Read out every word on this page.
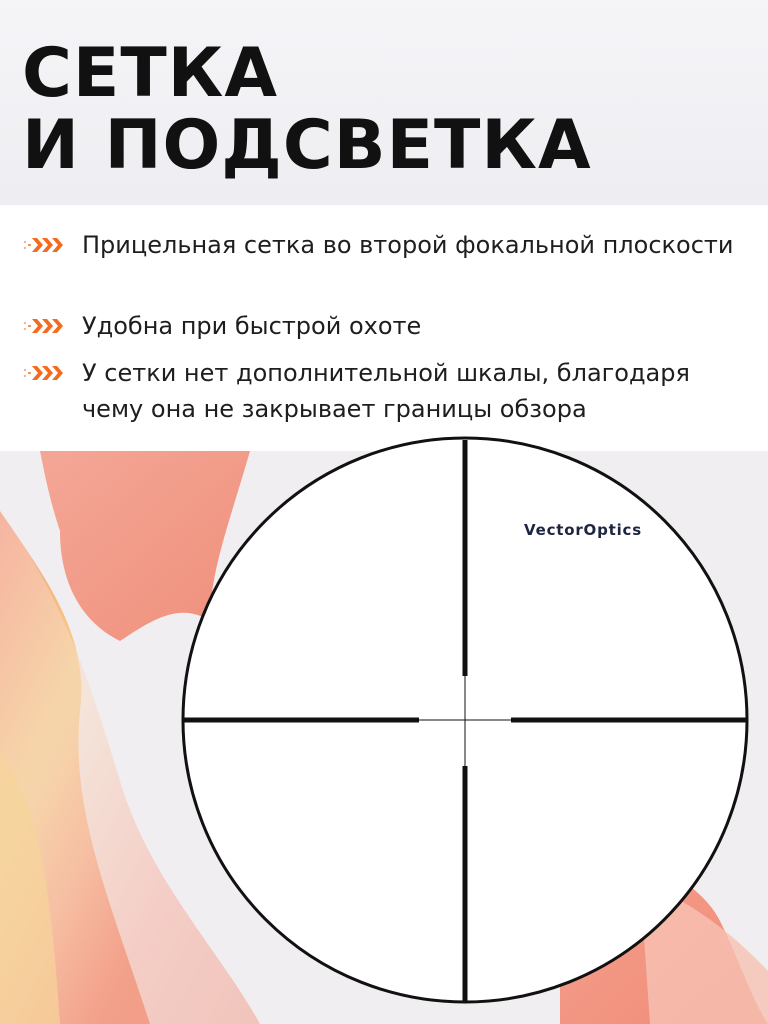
СЕТКА
И ПОДСВЕТКА
Прицельная сетка во второй фокальной плоскости
Удобна при быстрой охоте
У сетки нет дополнительной шкалы, благодаря чему она не закрывает границы обзора
VectorOptics
